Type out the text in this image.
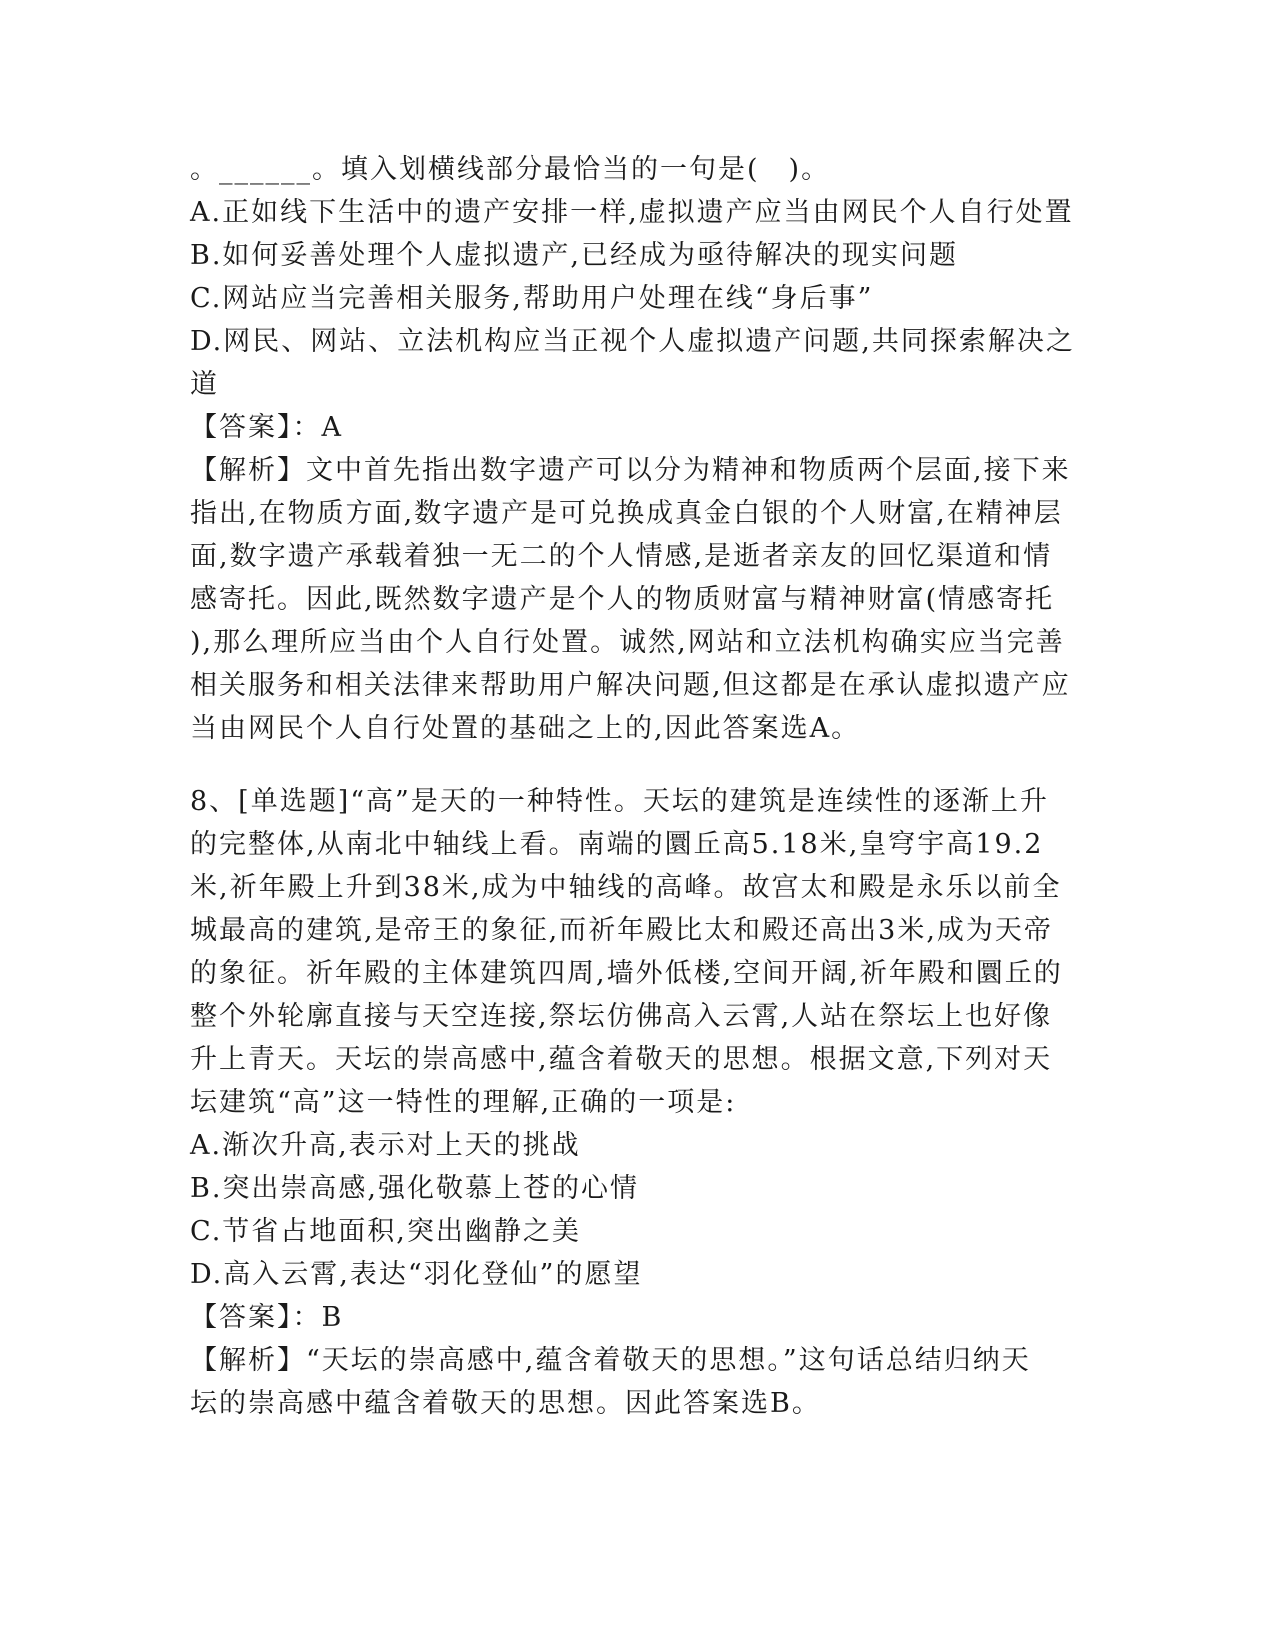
。______。填入划横线部分最恰当的一句是(　)。
A.正如线下生活中的遗产安排一样,虚拟遗产应当由网民个人自行处置
B.如何妥善处理个人虚拟遗产,已经成为亟待解决的现实问题
C.网站应当完善相关服务,帮助用户处理在线“身后事”
D.网民、网站、立法机构应当正视个人虚拟遗产问题,共同探索解决之
道
【答案】：A
【解析】文中首先指出数字遗产可以分为精神和物质两个层面,接下来
指出,在物质方面,数字遗产是可兑换成真金白银的个人财富,在精神层
面,数字遗产承载着独一无二的个人情感,是逝者亲友的回忆渠道和情
感寄托。因此,既然数字遗产是个人的物质财富与精神财富(情感寄托
),那么理所应当由个人自行处置。诚然,网站和立法机构确实应当完善
相关服务和相关法律来帮助用户解决问题,但这都是在承认虚拟遗产应
当由网民个人自行处置的基础之上的,因此答案选A。
8、[单选题]“高”是天的一种特性。天坛的建筑是连续性的逐渐上升
的完整体,从南北中轴线上看。南端的圜丘高5.18米,皇穹宇高19.2
米,祈年殿上升到38米,成为中轴线的高峰。故宫太和殿是永乐以前全
城最高的建筑,是帝王的象征,而祈年殿比太和殿还高出3米,成为天帝
的象征。祈年殿的主体建筑四周,墙外低楼,空间开阔,祈年殿和圜丘的
整个外轮廓直接与天空连接,祭坛仿佛高入云霄,人站在祭坛上也好像
升上青天。天坛的崇高感中,蕴含着敬天的思想。根据文意,下列对天
坛建筑“高”这一特性的理解,正确的一项是:
A.渐次升高,表示对上天的挑战
B.突出崇高感,强化敬慕上苍的心情
C.节省占地面积,突出幽静之美
D.高入云霄,表达“羽化登仙”的愿望
【答案】：B
【解析】“天坛的崇高感中,蕴含着敬天的思想。”这句话总结归纳天
坛的崇高感中蕴含着敬天的思想。因此答案选B。
